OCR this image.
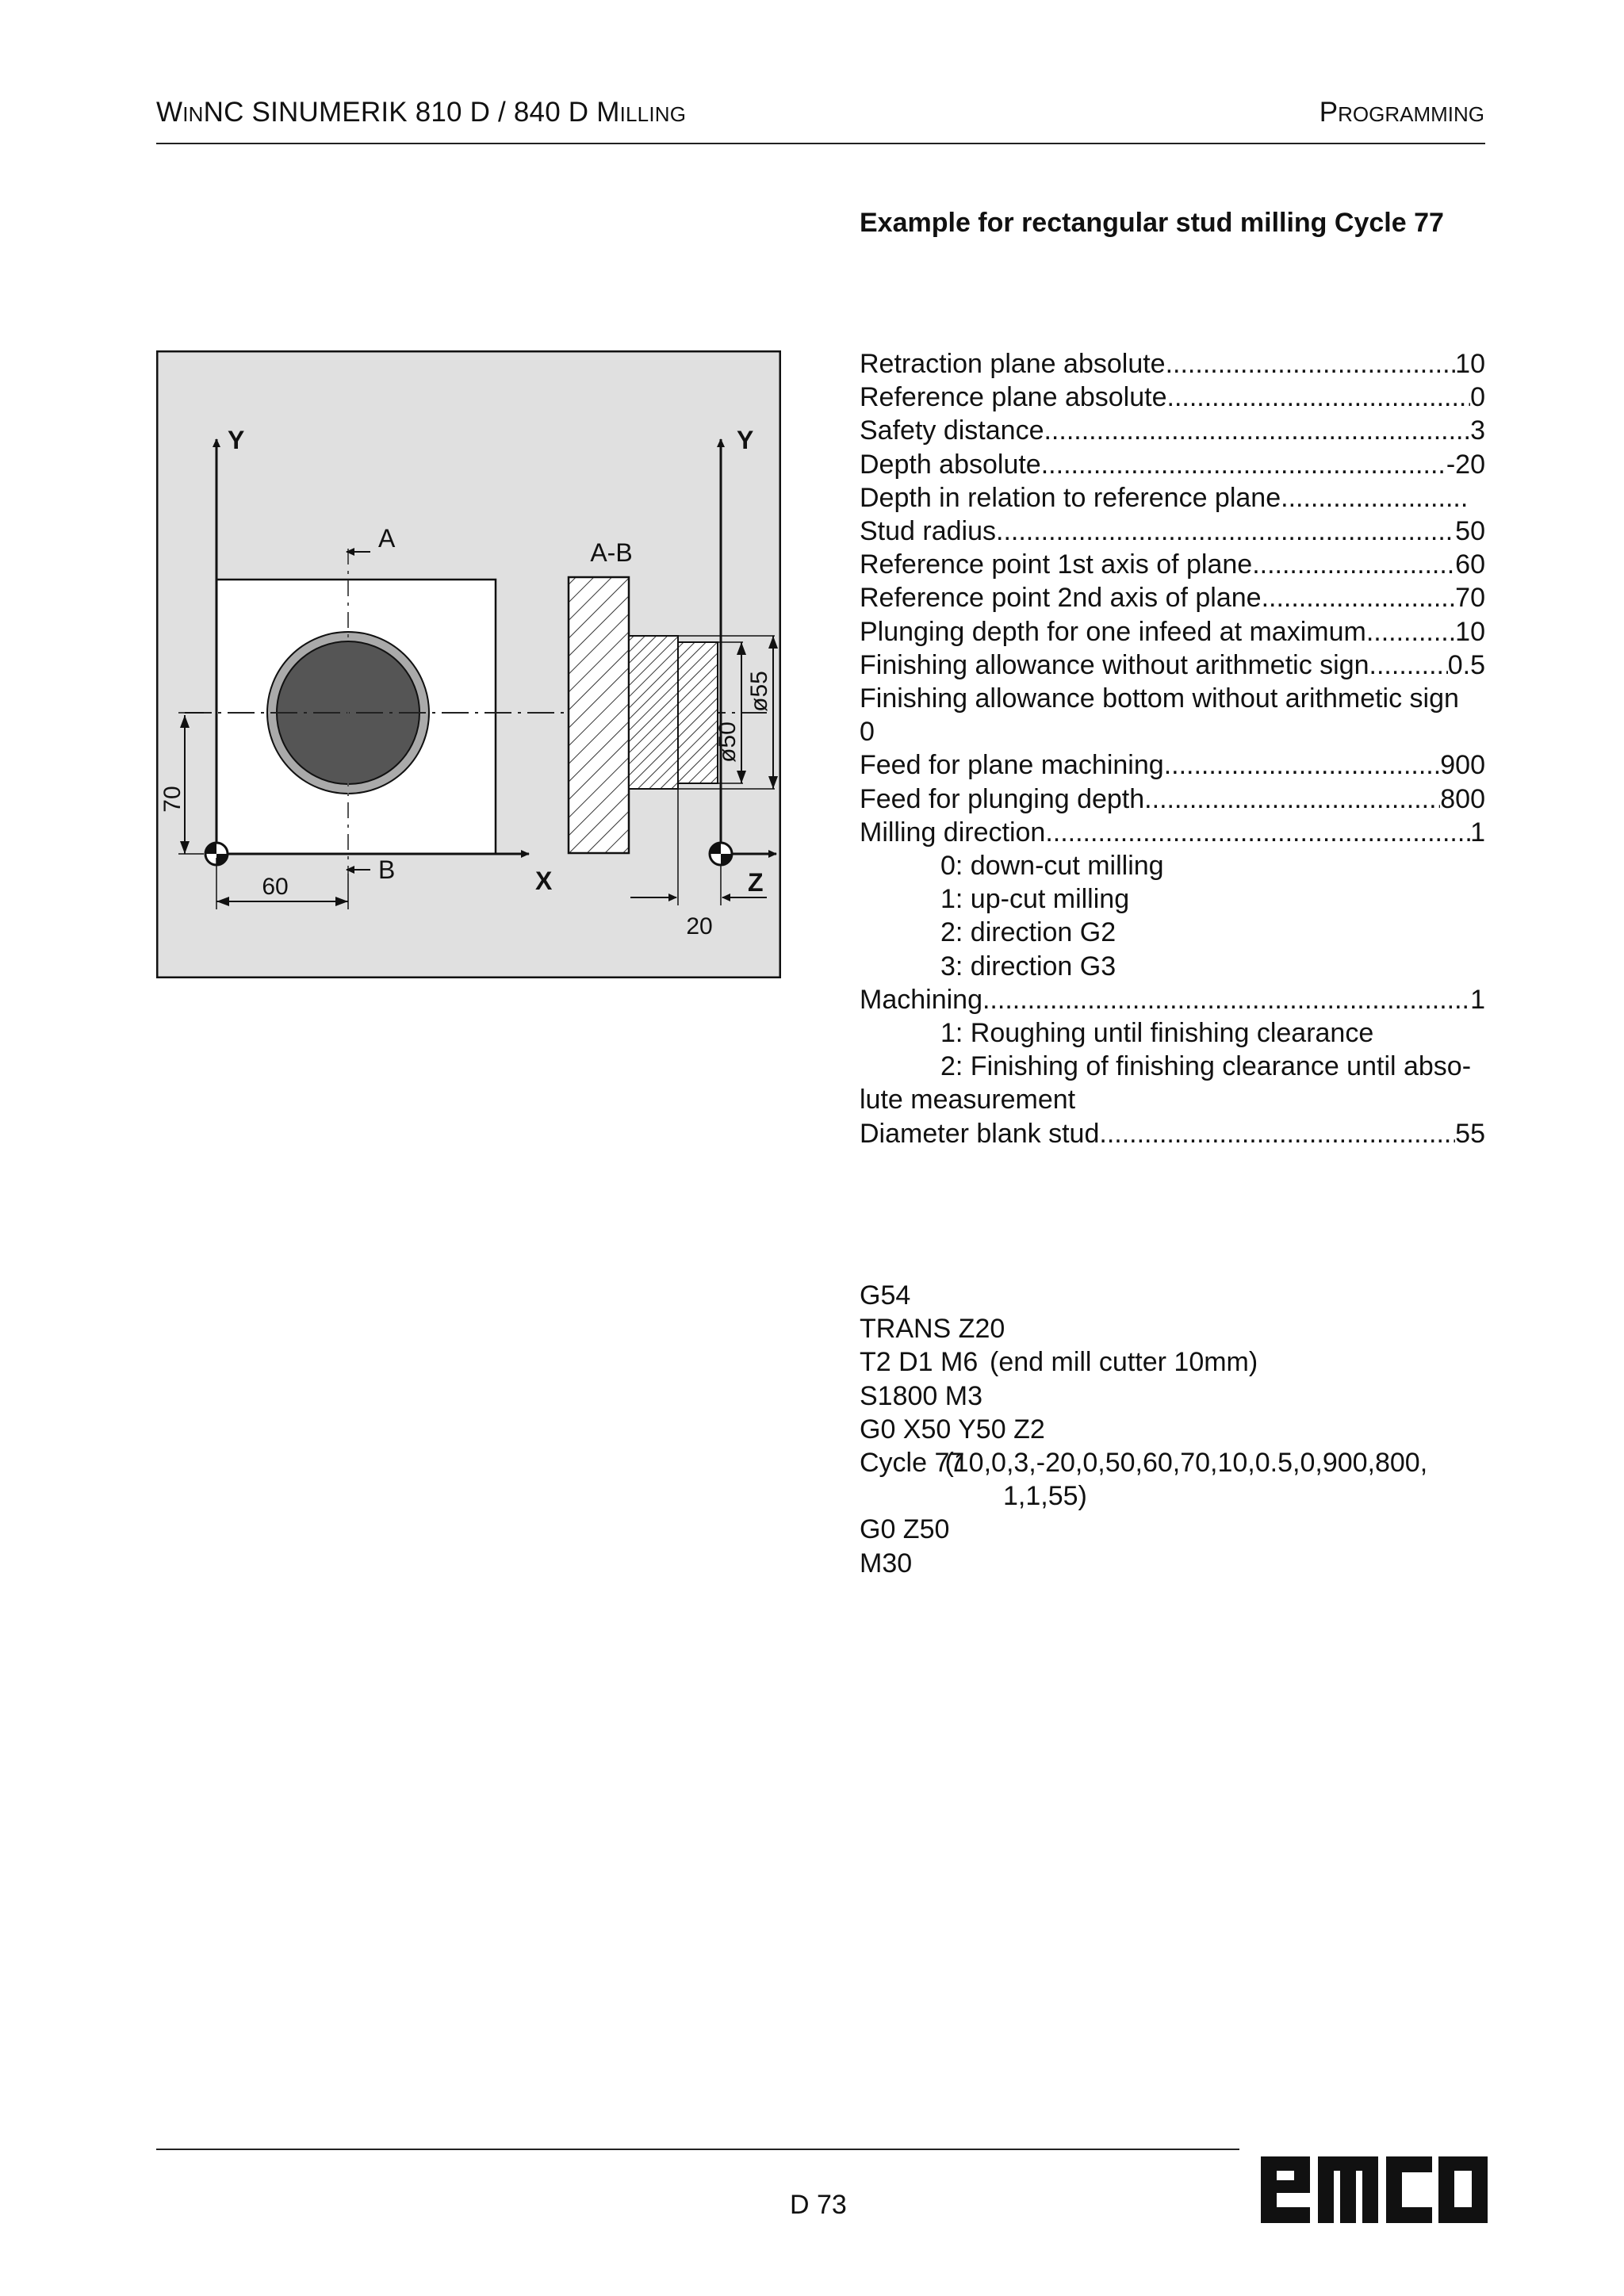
WINNC SINUMERIK 810 D / 840 D MILLING	PROGRAMMING
Example for rectangular stud milling Cycle 77
Y
X
A
B
70
60
A-B
Y
Z
ø55
ø50
20
Retraction plane absolute .....	10
Reference plane absolute .....	0
Safety distance .....	3
Depth absolute .....	-20
Depth in relation to reference plane
.....
Stud radius .....	50
Reference point 1st axis of plane .....	60
Reference point 2nd axis of plane .....	70
Plunging depth for one infeed at maximum .....	10
Finishing allowance without arithmetic sign .....	0.5
Finishing allowance bottom without arithmetic sign
0
Feed for plane machining .....	900
Feed for plunging depth .....	800
Milling direction .....	1
0: down-cut milling
1: up-cut milling
2: direction G2
3: direction G3
Machining .....	1
1: Roughing until finishing clearance
2: Finishing of finishing clearance until abso-
lute measurement
Diameter blank stud .....	55
G54
TRANS Z20
T2 D1 M6 (end mill cutter 10mm)
S1800 M3
G0 X50 Y50 Z2
Cycle 77 (10,0,3,-20,0,50,60,70,10,0.5,0,900,800,
1,1,55)
G0 Z50
M30
D 73
